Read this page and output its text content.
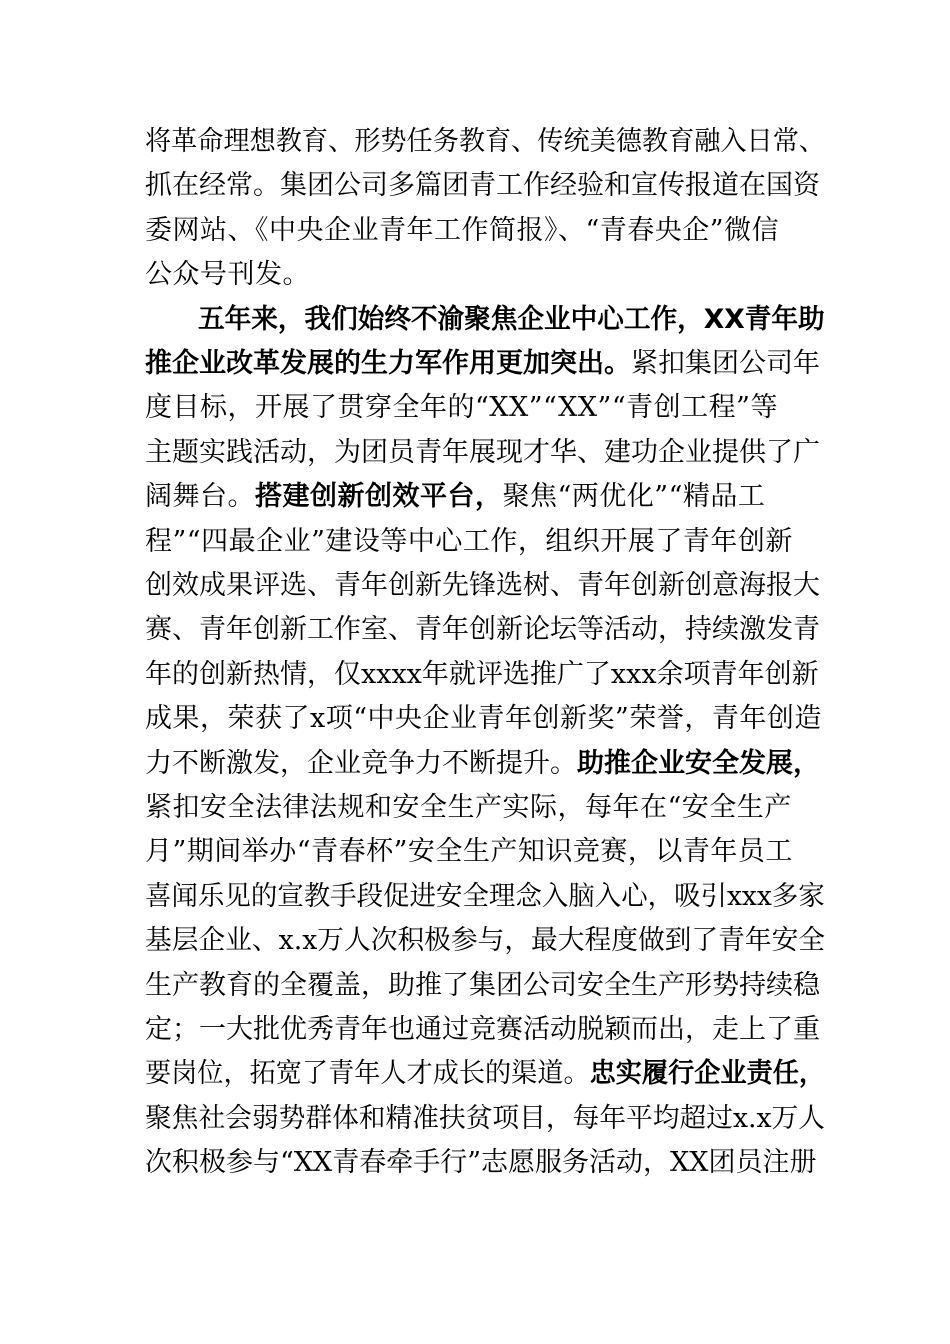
将革命理想教育、形势任务教育、传统美德教育融入日常、
抓在经常。集团公司多篇团青工作经验和宣传报道在国资
委网站、《中央企业青年工作简报》、“青春央企”微信
公众号刊发。
五年来，我们始终不渝聚焦企业中心工作，XX青年助
推企业改革发展的生力军作用更加突出。紧扣集团公司年
度目标，开展了贯穿全年的“XX”“XX”“青创工程”等
主题实践活动，为团员青年展现才华、建功企业提供了广
阔舞台。搭建创新创效平台，聚焦“两优化”“精品工
程”“四最企业”建设等中心工作，组织开展了青年创新
创效成果评选、青年创新先锋选树、青年创新创意海报大
赛、青年创新工作室、青年创新论坛等活动，持续激发青
年的创新热情，仅xxxx年就评选推广了xxx余项青年创新
成果，荣获了x项“中央企业青年创新奖”荣誉，青年创造
力不断激发，企业竞争力不断提升。助推企业安全发展，
紧扣安全法律法规和安全生产实际，每年在“安全生产
月”期间举办“青春杯”安全生产知识竞赛，以青年员工
喜闻乐见的宣教手段促进安全理念入脑入心，吸引xxx多家
基层企业、x.x万人次积极参与，最大程度做到了青年安全
生产教育的全覆盖，助推了集团公司安全生产形势持续稳
定；一大批优秀青年也通过竞赛活动脱颖而出，走上了重
要岗位，拓宽了青年人才成长的渠道。忠实履行企业责任，
聚焦社会弱势群体和精准扶贫项目，每年平均超过x.x万人
次积极参与“XX青春牵手行”志愿服务活动，XX团员注册
